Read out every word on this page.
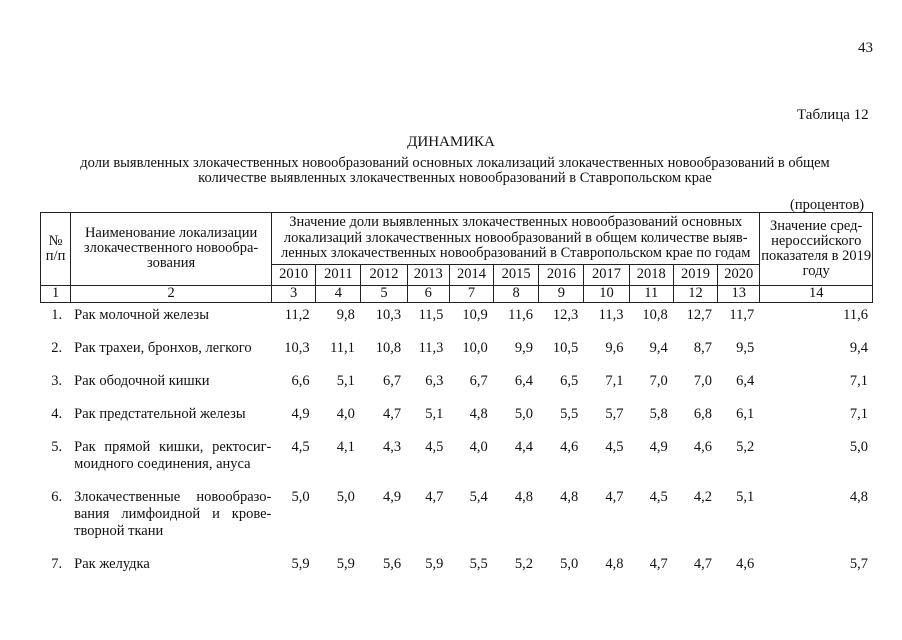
43
Таблица 12
ДИНАМИКА
доли выявленных злокачественных новообразований основных локализаций злокачественных новообразований в общем
количестве выявленных злокачественных новообразований в Ставропольском крае
(процентов)
№ п/п	Наименование локализации злокачественного новообра-зования	Значение доли выявленных злокачественных новообразований основных локализаций злокачественных новообразований в общем количестве выяв-ленных злокачественных новообразований в Ставропольском крае по годам											Значение сред-нероссийского показателя в 2019 году
		2010	2011	2012	2013	2014	2015	2016	2017	2018	2019	2020	
1	2	3	4	5	6	7	8	9	10	11	12	13	14
1.	Рак молочной железы	11,2	9,8	10,3	11,5	10,9	11,6	12,3	11,3	10,8	12,7	11,7	11,6
2.	Рак трахеи, бронхов, легкого	10,3	11,1	10,8	11,3	10,0	9,9	10,5	9,6	9,4	8,7	9,5	9,4
3.	Рак ободочной кишки	6,6	5,1	6,7	6,3	6,7	6,4	6,5	7,1	7,0	7,0	6,4	7,1
4.	Рак предстательной железы	4,9	4,0	4,7	5,1	4,8	5,0	5,5	5,7	5,8	6,8	6,1	7,1
5.	Рак прямой кишки, ректосиг-моидного соединения, ануса	4,5	4,1	4,3	4,5	4,0	4,4	4,6	4,5	4,9	4,6	5,2	5,0
6.	Злокачественные новообразо-вания лимфоидной и крове-творной ткани	5,0	5,0	4,9	4,7	5,4	4,8	4,8	4,7	4,5	4,2	5,1	4,8
7.	Рак желудка	5,9	5,9	5,6	5,9	5,5	5,2	5,0	4,8	4,7	4,7	4,6	5,7
